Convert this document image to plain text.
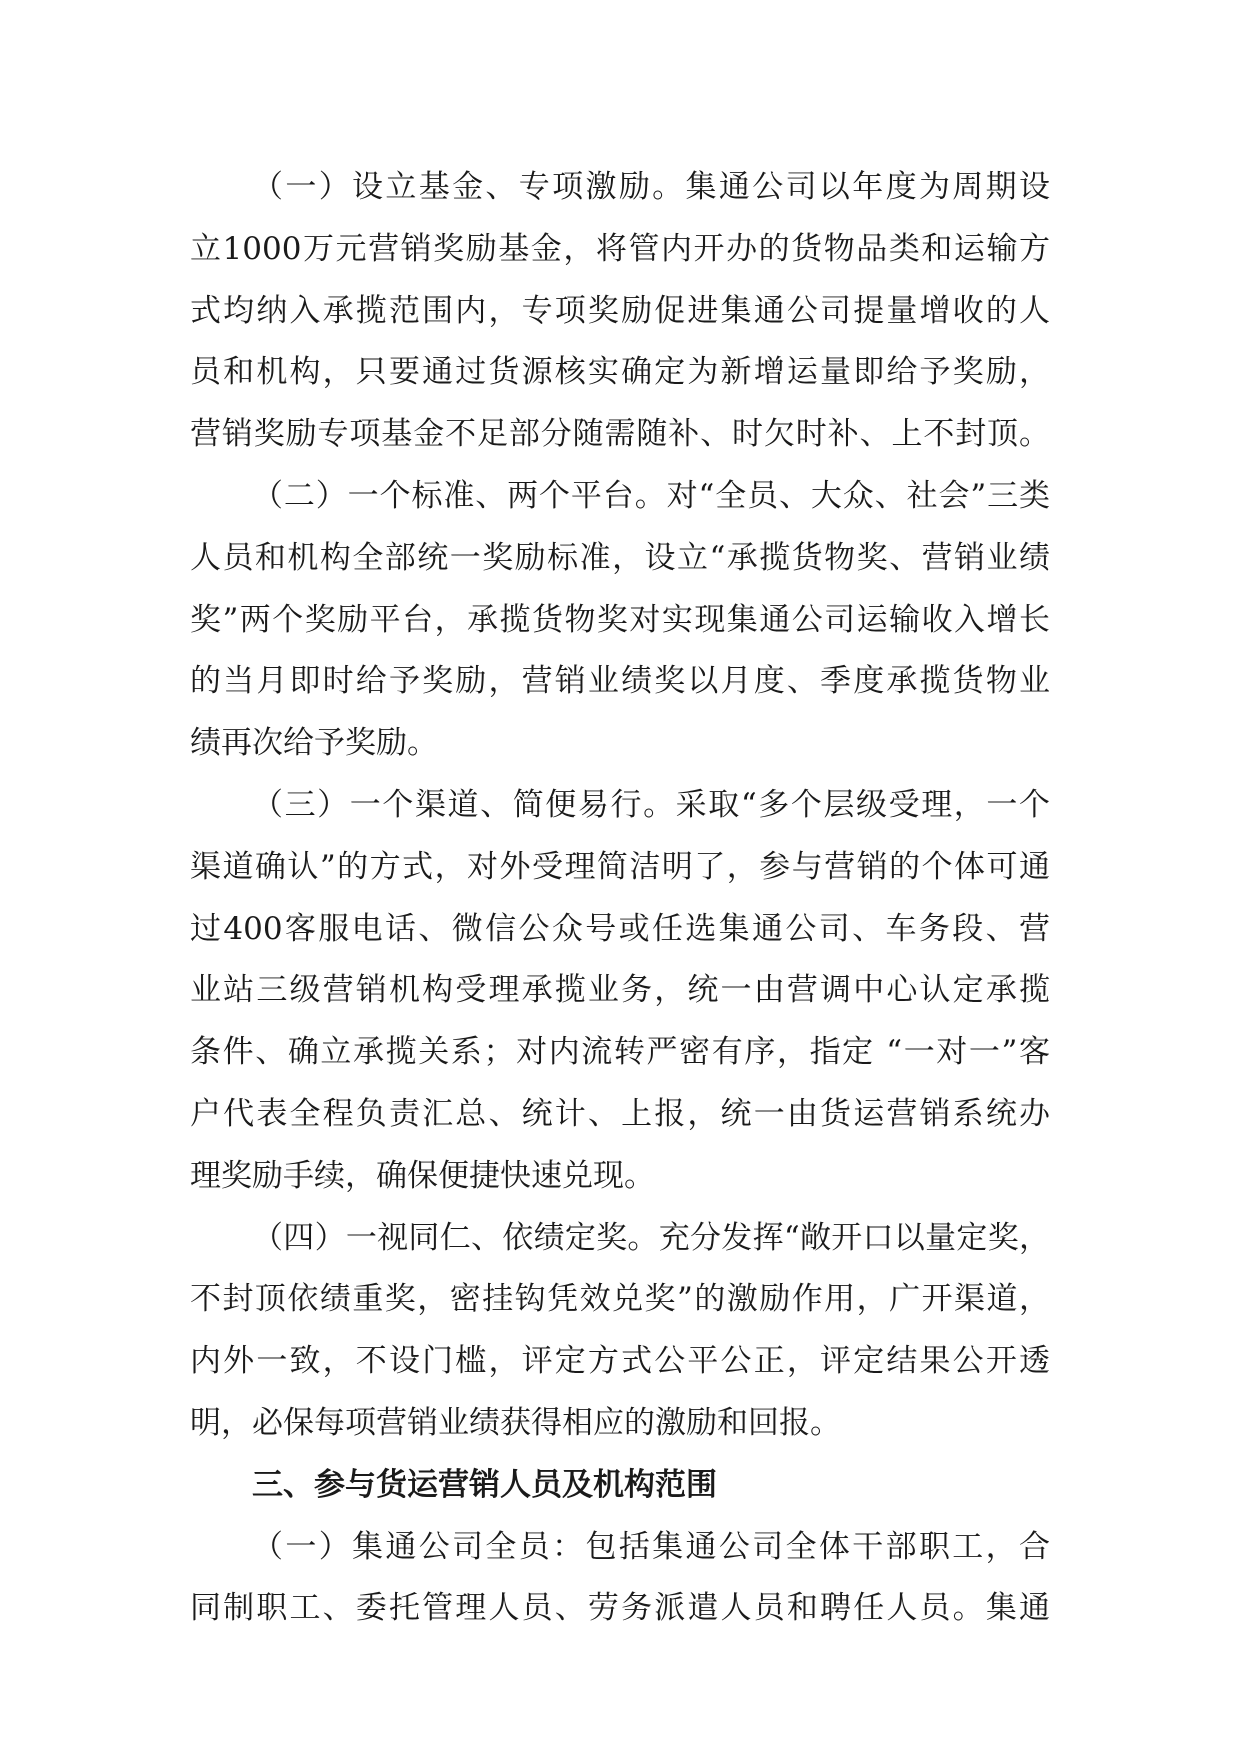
（一）设立基金、专项激励。集通公司以年度为周期设
立1000万元营销奖励基金，将管内开办的货物品类和运输方
式均纳入承揽范围内，专项奖励促进集通公司提量增收的人
员和机构，只要通过货源核实确定为新增运量即给予奖励，
营销奖励专项基金不足部分随需随补、时欠时补、上不封顶。
（二）一个标准、两个平台。对“全员、大众、社会”三类
人员和机构全部统一奖励标准，设立“承揽货物奖、营销业绩
奖”两个奖励平台，承揽货物奖对实现集通公司运输收入增长
的当月即时给予奖励，营销业绩奖以月度、季度承揽货物业
绩再次给予奖励。
（三）一个渠道、简便易行。采取“多个层级受理，一个
渠道确认”的方式，对外受理简洁明了，参与营销的个体可通
过400客服电话、微信公众号或任选集通公司、车务段、营
业站三级营销机构受理承揽业务，统一由营调中心认定承揽
条件、确立承揽关系；对内流转严密有序，指定 “一对一”客
户代表全程负责汇总、统计、上报，统一由货运营销系统办
理奖励手续，确保便捷快速兑现。
（四）一视同仁、依绩定奖。充分发挥“敞开口以量定奖，
不封顶依绩重奖，密挂钩凭效兑奖”的激励作用，广开渠道，
内外一致，不设门槛，评定方式公平公正，评定结果公开透
明，必保每项营销业绩获得相应的激励和回报。
三、参与货运营销人员及机构范围
（一）集通公司全员：包括集通公司全体干部职工，合
同制职工、委托管理人员、劳务派遣人员和聘任人员。集通
